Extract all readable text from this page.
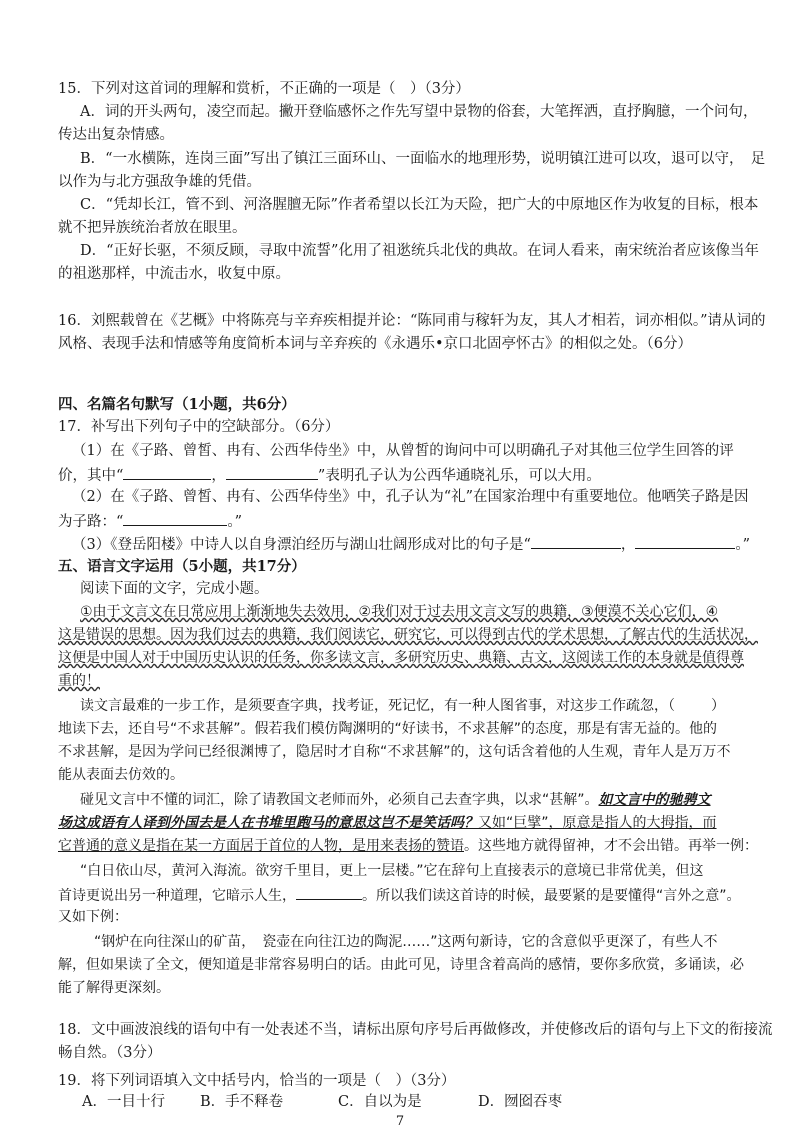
15．下列对这首词的理解和赏析，不正确的一项是（　）（3分）
A．词的开头两句，凌空而起。撇开登临感怀之作先写望中景物的俗套，大笔挥洒，直抒胸臆，一个问句，
传达出复杂情感。
B．“一水横陈，连岗三面”写出了镇江三面环山、一面临水的地理形势，说明镇江进可以攻，退可以守，　足
以作为与北方强敌争雄的凭借。
C．“凭却长江，管不到、河洛腥膻无际”作者希望以长江为天险，把广大的中原地区作为收复的目标，根本
就不把异族统治者放在眼里。
D．“正好长驱，不须反顾，寻取中流誓”化用了祖逖统兵北伐的典故。在词人看来，南宋统治者应该像当年
的祖逖那样，中流击水，收复中原。
16．刘熙载曾在《艺概》中将陈亮与辛弃疾相提并论：“陈同甫与稼轩为友，其人才相若，词亦相似。”请从词的
风格、表现手法和情感等角度简析本词与辛弃疾的《永遇乐•京口北固亭怀古》的相似之处。（6分）
四、名篇名句默写（1小题，共6分）
17．补写出下列句子中的空缺部分。（6分）
（1）在《子路、曾皙、冉有、公西华侍坐》中，从曾皙的询问中可以明确孔子对其他三位学生回答的评
价，其中“	，	”表明孔子认为公西华通晓礼乐，可以大用。
（2）在《子路、曾皙、冉有、公西华侍坐》中，孔子认为“礼”在国家治理中有重要地位。他哂笑子路是因
为子路：“	。”
（3）《登岳阳楼》中诗人以自身漂泊经历与湖山壮阔形成对比的句子是“	，	。”
五、语言文字运用（5小题，共17分）
阅读下面的文字，完成小题。
①由于文言文在日常应用上渐渐地失去效用，②我们对于过去用文言文写的典籍，③便漠不关心它们，④
这是错误的思想。因为我们过去的典籍，我们阅读它，研究它，可以得到古代的学术思想，了解古代的生活状况，
这便是中国人对于中国历史认识的任务，你多读文言，多研究历史、典籍、古文，这阅读工作的本身就是值得尊
重的！
读文言最难的一步工作，是须要查字典，找考证，死记忆，有一种人图省事，对这步工作疏忽，（	）
地读下去，还自号“不求甚解”。假若我们模仿陶渊明的“好读书，不求甚解”的态度，那是有害无益的。他的
不求甚解，是因为学问已经很渊博了，隐居时才自称“不求甚解”的，这句话含着他的人生观，青年人是万万不
能从表面去仿效的。
碰见文言中不懂的词汇，除了请教国文老师而外，必须自己去查字典，以求“甚解”。如文言中的驰骋文
场这成语有人译到外国去是人在书堆里跑马的意思这岂不是笑话吗？又如“巨擘”，原意是指人的大拇指，而
它普通的意义是指在某一方面居于首位的人物，是用来表扬的赞语。这些地方就得留神，才不会出错。再举一例：
“白日依山尽，黄河入海流。欲穷千里目，更上一层楼。”它在辞句上直接表示的意境已非常优美，但这
首诗更说出另一种道理，它暗示人生，	。所以我们读这首诗的时候，最要紧的是要懂得“言外之意”。
又如下例：
“钢炉在向往深山的矿苗，　瓷壶在向往江边的陶泥……”这两句新诗，它的含意似乎更深了，有些人不
解，但如果读了全文，便知道是非常容易明白的话。由此可见，诗里含着高尚的感情，要你多欣赏，多诵读，必
能了解得更深刻。
18．文中画波浪线的语句中有一处表述不当，请标出原句序号后再做修改，并使修改后的语句与上下文的衔接流
畅自然。（3分）
19．将下列词语填入文中括号内，恰当的一项是（　）（3分）
A．一目十行 B．手不释卷	C．自以为是	D．囫囵吞枣
7
